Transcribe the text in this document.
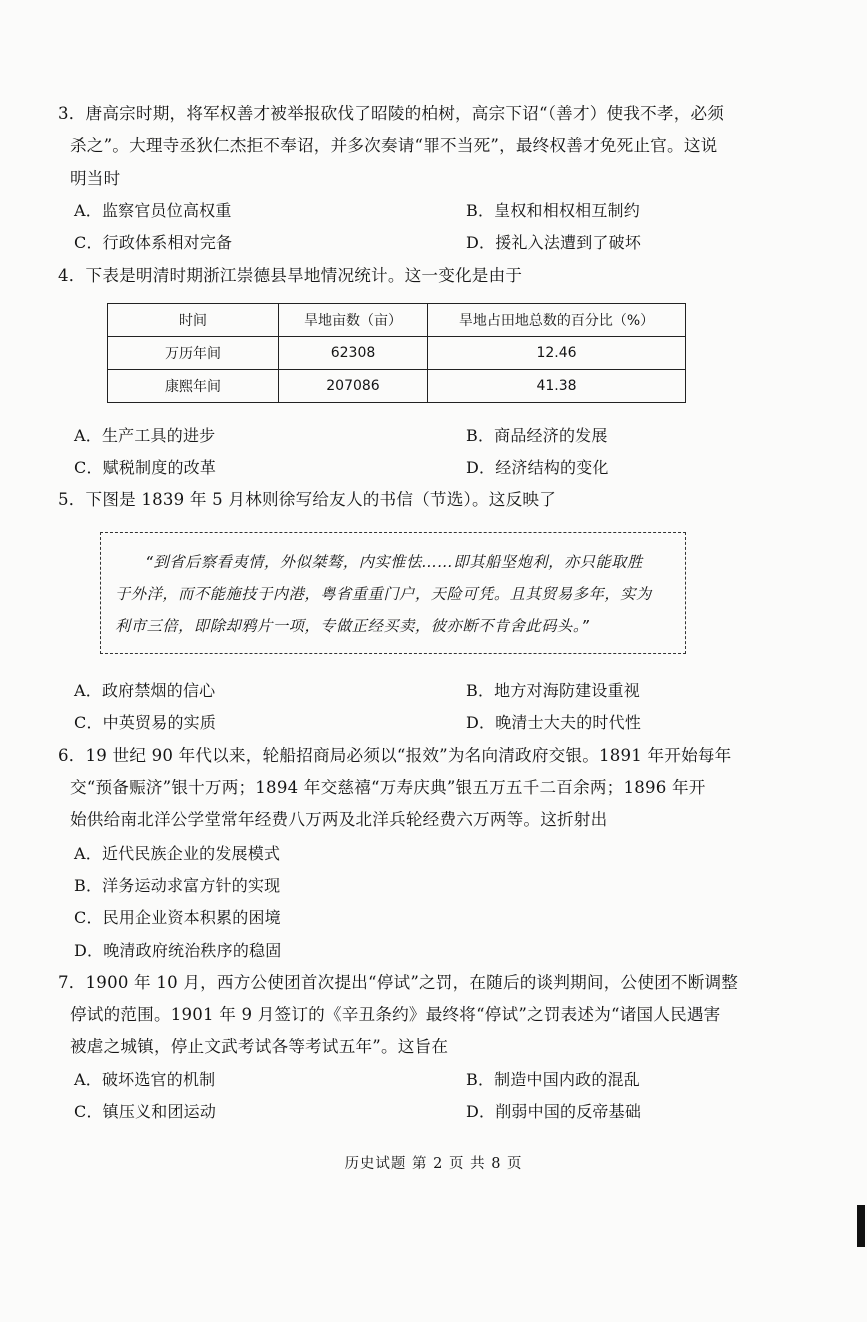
3．唐高宗时期，将军权善才被举报砍伐了昭陵的柏树，高宗下诏“（善才）使我不孝，必须
杀之”。大理寺丞狄仁杰拒不奉诏，并多次奏请“罪不当死”，最终权善才免死止官。这说
明当时
A．监察官员位高权重	B．皇权和相权相互制约
C．行政体系相对完备	D．援礼入法遭到了破坏
4．下表是明清时期浙江崇德县旱地情况统计。这一变化是由于
时间	旱地亩数（亩）	旱地占田地总数的百分比（%）
万历年间	62308	12.46
康熙年间	207086	41.38
A．生产工具的进步	B．商品经济的发展
C．赋税制度的改革	D．经济结构的变化
5．下图是 1839 年 5 月林则徐写给友人的书信（节选）。这反映了
“到省后察看夷情，外似桀骜，内实惟怯……即其船坚炮利，亦只能取胜
于外洋，而不能施技于内港，粤省重重门户，天险可凭。且其贸易多年，实为
利市三倍，即除却鸦片一项，专做正经买卖，彼亦断不肯舍此码头。”
A．政府禁烟的信心	B．地方对海防建设重视
C．中英贸易的实质	D．晚清士大夫的时代性
6．19 世纪 90 年代以来，轮船招商局必须以“报效”为名向清政府交银。1891 年开始每年
交“预备赈济”银十万两；1894 年交慈禧“万寿庆典”银五万五千二百余两；1896 年开
始供给南北洋公学堂常年经费八万两及北洋兵轮经费六万两等。这折射出
A．近代民族企业的发展模式
B．洋务运动求富方针的实现
C．民用企业资本积累的困境
D．晚清政府统治秩序的稳固
7．1900 年 10 月，西方公使团首次提出“停试”之罚，在随后的谈判期间，公使团不断调整
停试的范围。1901 年 9 月签订的《辛丑条约》最终将“停试”之罚表述为“诸国人民遇害
被虐之城镇，停止文武考试各等考试五年”。这旨在
A．破坏选官的机制	B．制造中国内政的混乱
C．镇压义和团运动	D．削弱中国的反帝基础
历史试题 第 2 页 共 8 页
